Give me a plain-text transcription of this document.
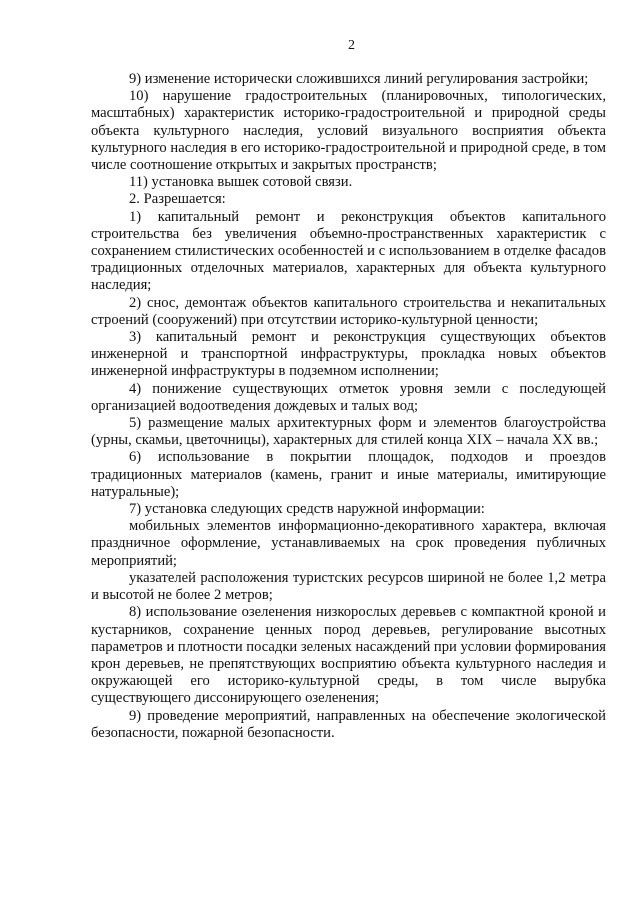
2

9) изменение исторически сложившихся линий регулирования застройки;

10) нарушение градостроительных (планировочных, типологических, масштабных) характеристик историко-градостроительной и природной среды объекта культурного наследия, условий визуального восприятия объекта культурного наследия в его историко-градостроительной и природной среде, в том числе соотношение открытых и закрытых пространств;

11) установка вышек сотовой связи.

2. Разрешается:

1) капитальный ремонт и реконструкция объектов капитального строительства без увеличения объемно-пространственных характеристик с сохранением стилистических особенностей и с использованием в отделке фасадов традиционных отделочных материалов, характерных для объекта культурного наследия;

2) снос, демонтаж объектов капитального строительства и некапитальных строений (сооружений) при отсутствии историко-культурной ценности;

3) капитальный ремонт и реконструкция существующих объектов инженерной и транспортной инфраструктуры, прокладка новых объектов инженерной инфраструктуры в подземном исполнении;

4) понижение существующих отметок уровня земли с последующей организацией водоотведения дождевых и талых вод;

5) размещение малых архитектурных форм и элементов благоустройства (урны, скамьи, цветочницы), характерных для стилей конца XIX – начала XX вв.;

6) использование в покрытии площадок, подходов и проездов традиционных материалов (камень, гранит и иные материалы, имитирующие натуральные);

7) установка следующих средств наружной информации:

мобильных элементов информационно-декоративного характера, включая праздничное оформление, устанавливаемых на срок проведения публичных мероприятий;

указателей расположения туристских ресурсов шириной не более 1,2 метра и высотой не более 2 метров;

8) использование озеленения низкорослых деревьев с компактной кроной и кустарников, сохранение ценных пород деревьев, регулирование высотных параметров и плотности посадки зеленых насаждений при условии формирования крон деревьев, не препятствующих восприятию объекта культурного наследия и окружающей его историко-культурной среды, в том числе вырубка существующего диссонирующего озеленения;

9) проведение мероприятий, направленных на обеспечение экологической безопасности, пожарной безопасности.
